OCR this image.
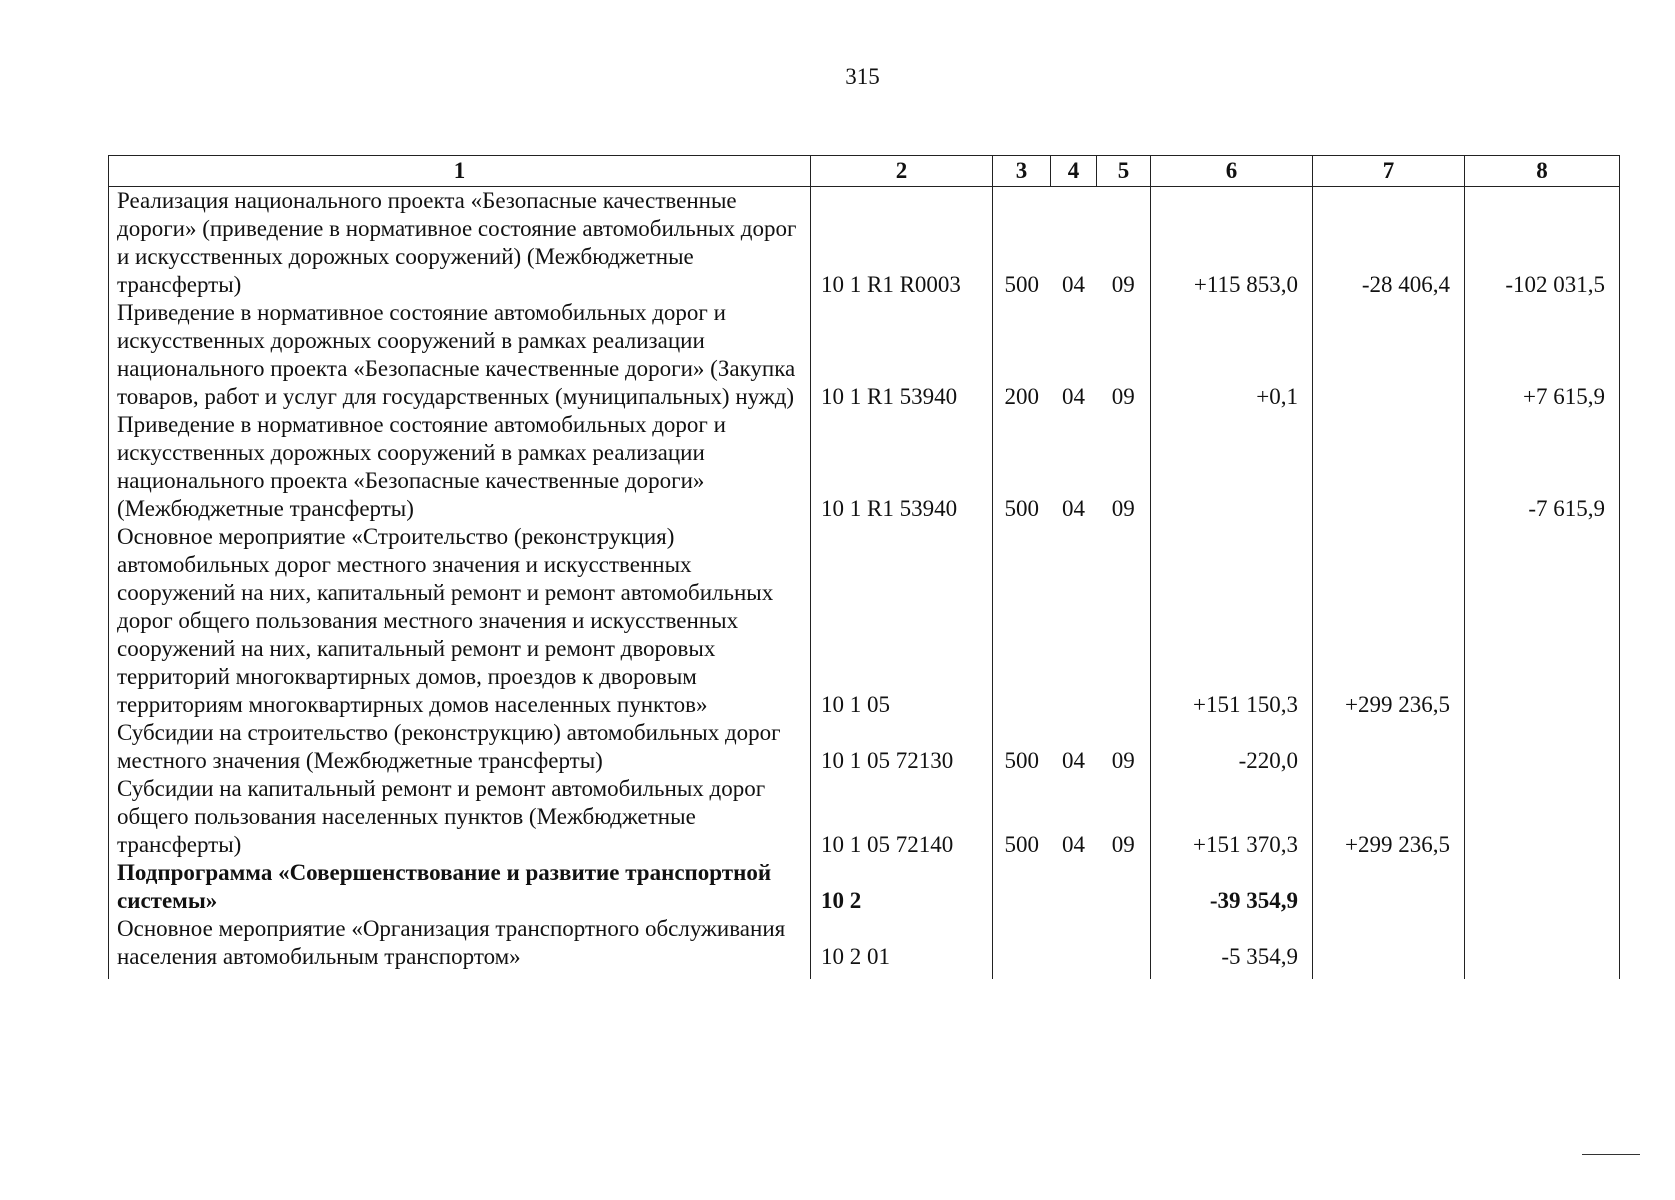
315
1	2	3	4	5	6	7	8
Реализация национального проекта «Безопасные качественные дороги» (приведение в нормативное состояние автомобильных дорог и искусственных дорожных сооружений) (Межбюджетные трансферты)	10 1 R1 R0003	500	04	09	+115 853,0	-28 406,4	-102 031,5
Приведение в нормативное состояние автомобильных дорог и искусственных дорожных сооружений в рамках реализации национального проекта «Безопасные качественные дороги» (Закупка товаров, работ и услуг для государственных (муниципальных) нужд)	10 1 R1 53940	200	04	09	+0,1		+7 615,9
Приведение в нормативное состояние автомобильных дорог и искусственных дорожных сооружений в рамках реализации национального проекта «Безопасные качественные дороги» (Межбюджетные трансферты)	10 1 R1 53940	500	04	09			-7 615,9
Основное мероприятие «Строительство (реконструкция) автомобильных дорог местного значения и искусственных сооружений на них, капитальный ремонт и ремонт автомобильных дорог общего пользования местного значения и искусственных сооружений на них, капитальный ремонт и ремонт дворовых территорий многоквартирных домов, проездов к дворовым территориям многоквартирных домов населенных пунктов»	10 1 05				+151 150,3	+299 236,5	
Субсидии на строительство (реконструкцию) автомобильных дорог местного значения (Межбюджетные трансферты)	10 1 05 72130	500	04	09	-220,0		
Субсидии на капитальный ремонт и ремонт автомобильных дорог общего пользования населенных пунктов (Межбюджетные трансферты)	10 1 05 72140	500	04	09	+151 370,3	+299 236,5	
Подпрограмма «Совершенствование и развитие транспортной системы»	10 2				-39 354,9		
Основное мероприятие «Организация транспортного обслуживания населения автомобильным транспортом»	10 2 01				-5 354,9		
